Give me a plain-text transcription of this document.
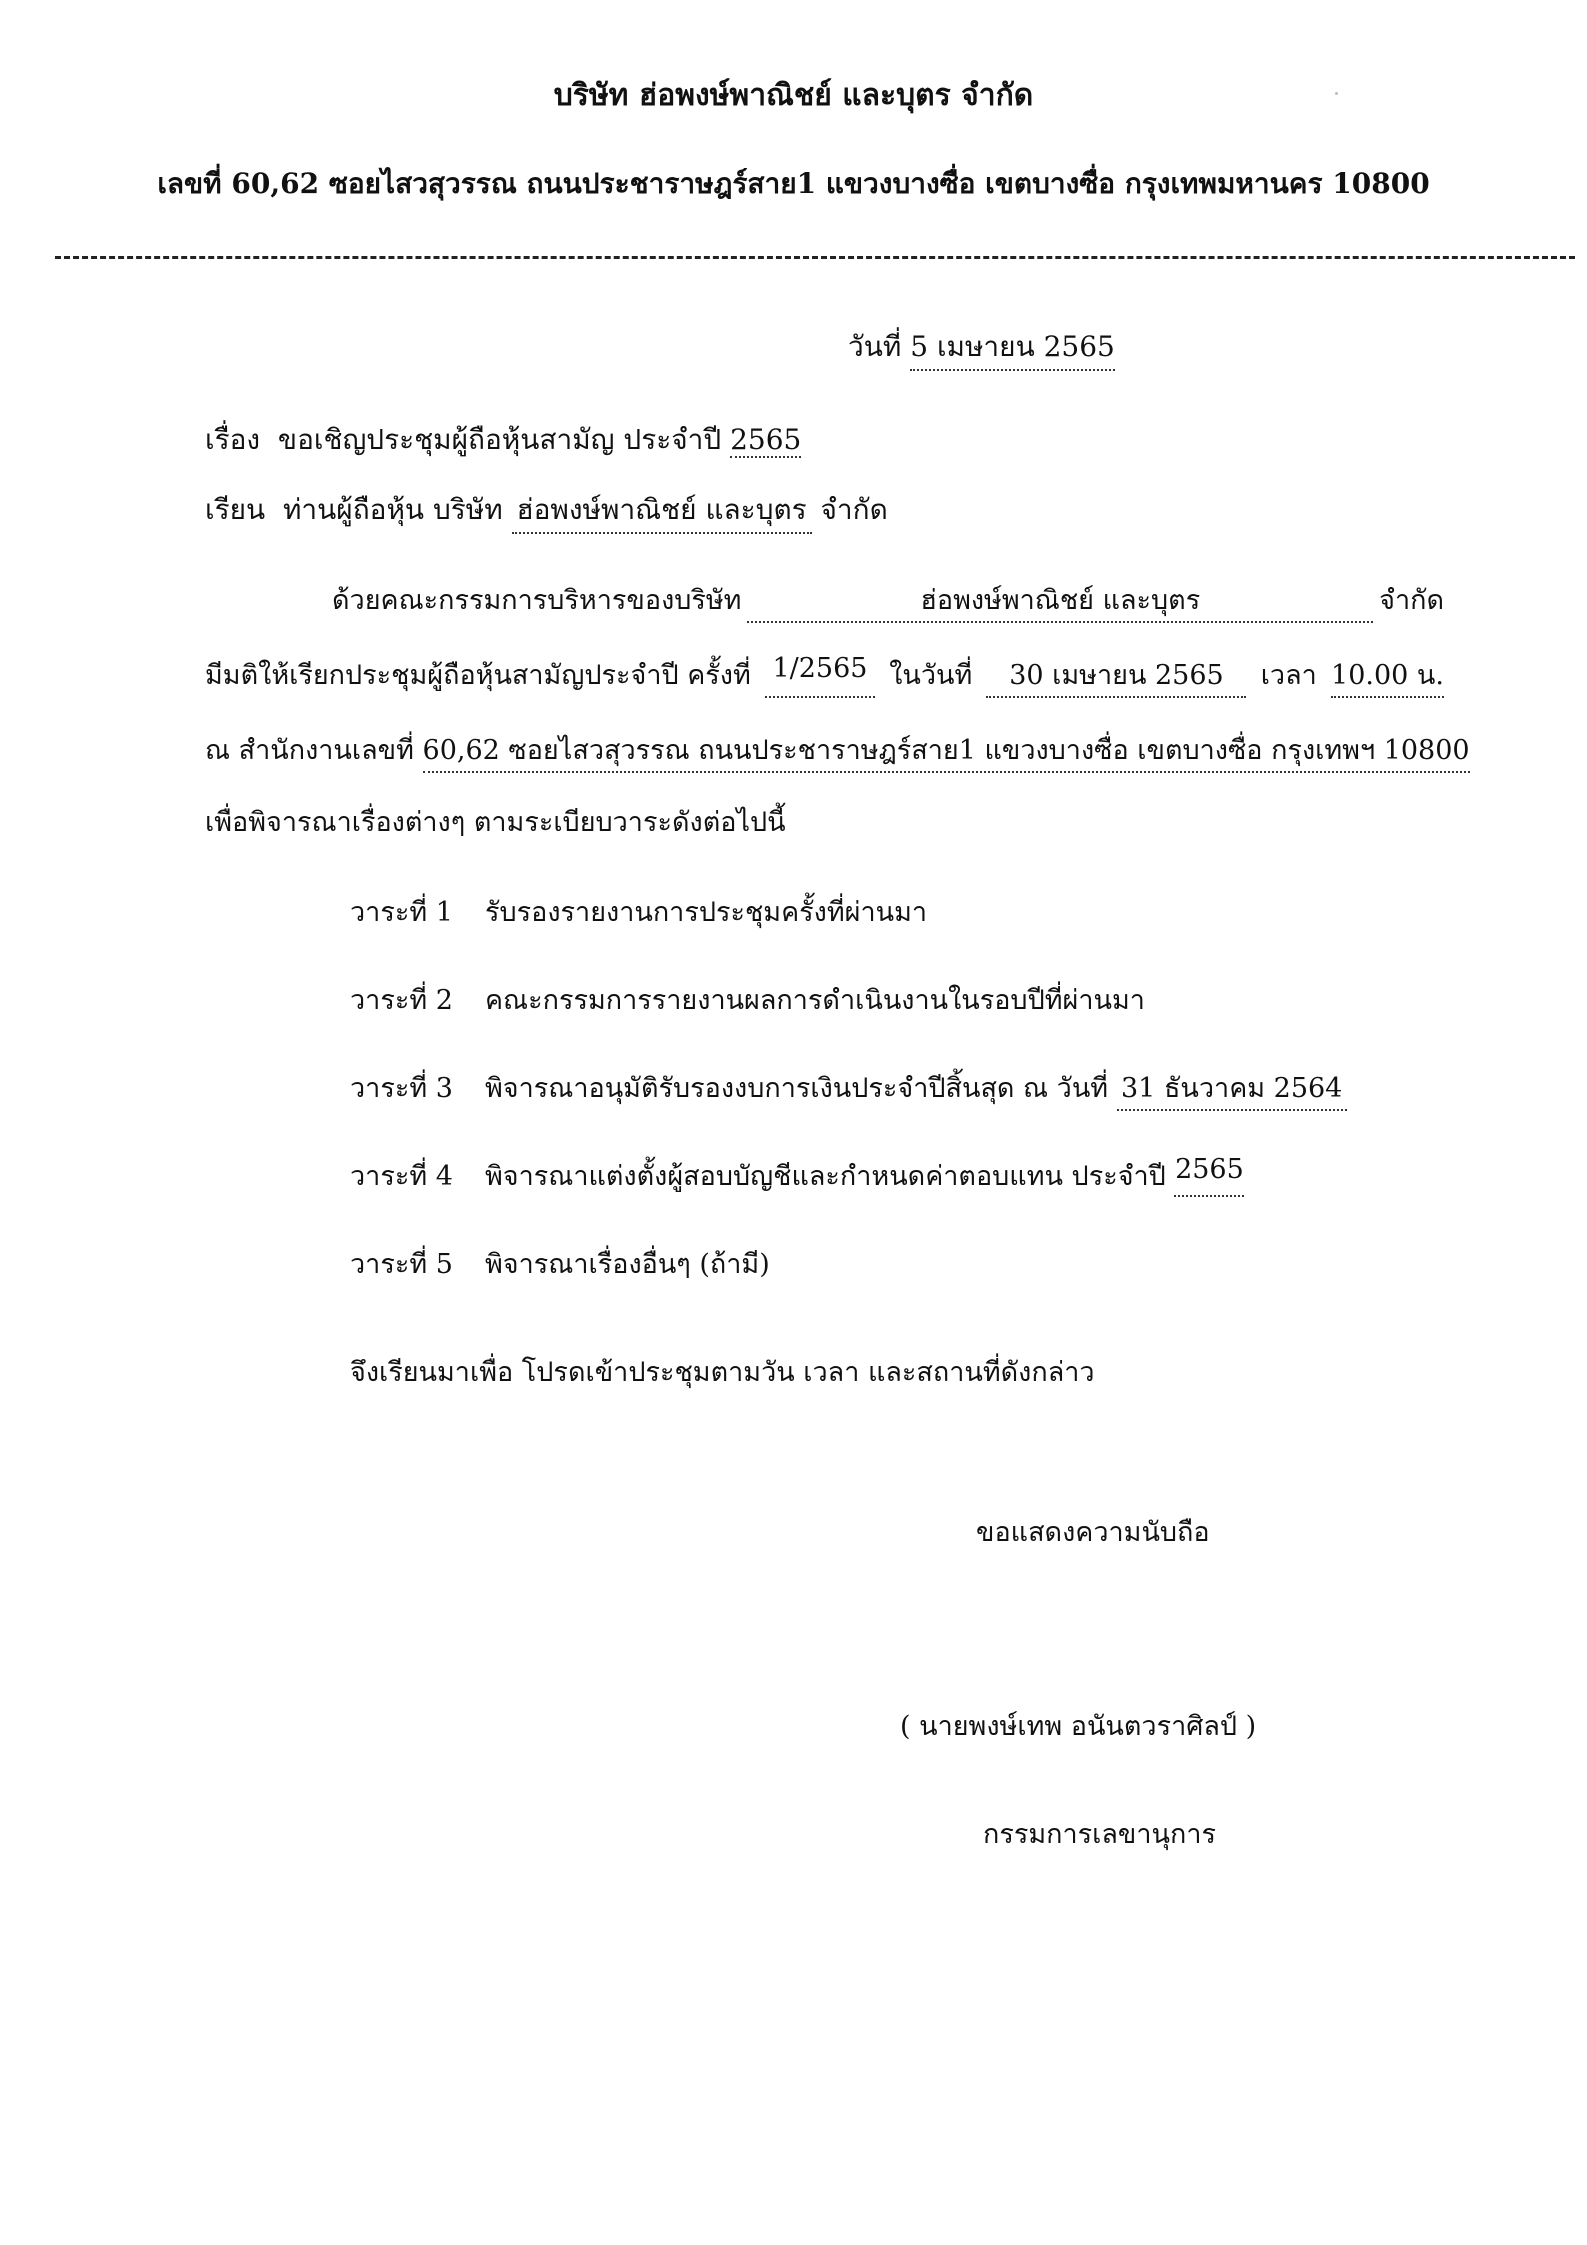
บริษัท ฮ่อพงษ์พาณิชย์ และบุตร จำกัด
เลขที่ 60,62 ซอยไสวสุวรรณ ถนนประชาราษฎร์สาย1 แขวงบางซื่อ เขตบางซื่อ กรุงเทพมหานคร 10800
วันที่ 5 เมษายน 2565
เรื่อง ขอเชิญประชุมผู้ถือหุ้นสามัญ ประจำปี 2565
เรียน ท่านผู้ถือหุ้น บริษัท ฮ่อพงษ์พาณิชย์ และบุตร จำกัด
ด้วยคณะกรรมการบริหารของบริษัท	ฮ่อพงษ์พาณิชย์ และบุตร	จำกัด
มีมติให้เรียกประชุมผู้ถือหุ้นสามัญประจำปี ครั้งที่ 1/2565 ในวันที่	30 เมษายน 2565	เวลา 10.00 น.
ณ สำนักงานเลขที่ 60,62 ซอยไสวสุวรรณ ถนนประชาราษฎร์สาย1 แขวงบางซื่อ เขตบางซื่อ กรุงเทพฯ 10800
เพื่อพิจารณาเรื่องต่างๆ ตามระเบียบวาระดังต่อไปนี้
วาระที่ 1	รับรองรายงานการประชุมครั้งที่ผ่านมา
วาระที่ 2	คณะกรรมการรายงานผลการดำเนินงานในรอบปีที่ผ่านมา
วาระที่ 3	พิจารณาอนุมัติรับรองงบการเงินประจำปีสิ้นสุด ณ วันที่
31 ธันวาคม 2564
วาระที่ 4	พิจารณาแต่งตั้งผู้สอบบัญชีและกำหนดค่าตอบแทน ประจำปี
2565
วาระที่ 5	พิจารณาเรื่องอื่นๆ (ถ้ามี)
จึงเรียนมาเพื่อ โปรดเข้าประชุมตามวัน เวลา และสถานที่ดังกล่าว
ขอแสดงความนับถือ
( นายพงษ์เทพ อนันตวราศิลป์ )
กรรมการเลขานุการ
